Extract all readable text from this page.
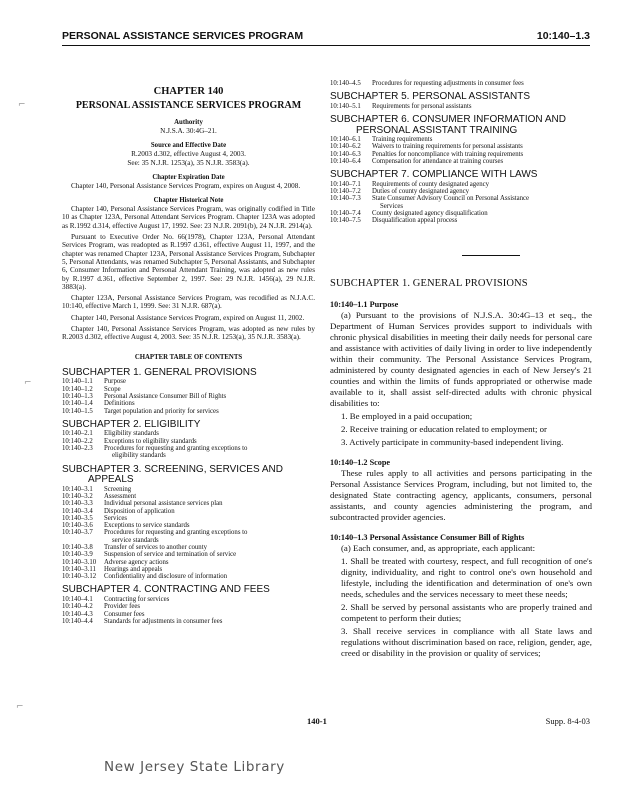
PERSONAL ASSISTANCE SERVICES PROGRAM	10:140–1.3
⌐
⌐
⌐
CHAPTER 140
PERSONAL ASSISTANCE SERVICES PROGRAM
Authority
N.J.S.A. 30:4G–21.
Source and Effective Date
R.2003 d.302, effective August 4, 2003.
See: 35 N.J.R. 1253(a), 35 N.J.R. 3583(a).
Chapter Expiration Date

Chapter 140, Personal Assistance Services Program, expires on August 4, 2008.

Chapter Historical Note

Chapter 140, Personal Assistance Services Program, was originally codified in Title 10 as Chapter 123A, Personal Attendant Services Program. Chapter 123A was adopted as R.1992 d.314, effective August 17, 1992. See: 23 N.J.R. 2091(b), 24 N.J.R. 2914(a).

Pursuant to Executive Order No. 66(1978), Chapter 123A, Personal Attendant Services Program, was readopted as R.1997 d.361, effective August 11, 1997, and the chapter was renamed Chapter 123A, Personal Assistance Services Program, Subchapter 5, Personal Attendants, was renamed Subchapter 5, Personal Assistants, and Subchapter 6, Consumer Information and Personal Attendant Training, was adopted as new rules by R.1997 d.361, effective September 2, 1997. See: 29 N.J.R. 1456(a), 29 N.J.R. 3883(a).

Chapter 123A, Personal Assistance Services Program, was recodified as N.J.A.C. 10:140, effective March 1, 1999. See: 31 N.J.R. 687(a).

Chapter 140, Personal Assistance Services Program, expired on August 11, 2002.

Chapter 140, Personal Assistance Services Program, was adopted as new rules by R.2003 d.302, effective August 4, 2003. See: 35 N.J.R. 1253(a), 35 N.J.R. 3583(a).

CHAPTER TABLE OF CONTENTS
SUBCHAPTER 1. GENERAL PROVISIONS
10:140–1.1	Purpose
10:140–1.2	Scope
10:140–1.3	Personal Assistance Consumer Bill of Rights
10:140–1.4	Definitions
10:140–1.5	Target population and priority for services
SUBCHAPTER 2. ELIGIBILITY
10:140–2.1	Eligibility standards
10:140–2.2	Exceptions to eligibility standards
10:140–2.3	Procedures for requesting and granting exceptions to
eligibility standards
SUBCHAPTER 3. SCREENING, SERVICES AND
APPEALS
10:140–3.1	Screening
10:140–3.2	Assessment
10:140–3.3	Individual personal assistance services plan
10:140–3.4	Disposition of application
10:140–3.5	Services
10:140–3.6	Exceptions to service standards
10:140–3.7	Procedures for requesting and granting exceptions to
service standards
10:140–3.8	Transfer of services to another county
10:140–3.9	Suspension of service and termination of service
10:140–3.10	Adverse agency actions
10:140–3.11	Hearings and appeals
10:140–3.12	Confidentiality and disclosure of information
SUBCHAPTER 4. CONTRACTING AND FEES
10:140–4.1	Contracting for services
10:140–4.2	Provider fees
10:140–4.3	Consumer fees
10:140–4.4	Standards for adjustments in consumer fees
10:140–4.5	Procedures for requesting adjustments in consumer fees
SUBCHAPTER 5. PERSONAL ASSISTANTS
10:140–5.1	Requirements for personal assistants
SUBCHAPTER 6. CONSUMER INFORMATION AND
PERSONAL ASSISTANT TRAINING
10:140–6.1	Training requirements
10:140–6.2	Waivers to training requirements for personal assistants
10:140–6.3	Penalties for noncompliance with training requirements
10:140–6.4	Compensation for attendance at training courses
SUBCHAPTER 7. COMPLIANCE WITH LAWS
10:140–7.1	Requirements of county designated agency
10:140–7.2	Duties of county designated agency
10:140–7.3	State Consumer Advisory Council on Personal Assistance
Services
10:140–7.4	County designated agency disqualification
10:140–7.5	Disqualification appeal process
SUBCHAPTER 1. GENERAL PROVISIONS
10:140–1.1 Purpose

(a) Pursuant to the provisions of N.J.S.A. 30:4G–13 et seq., the Department of Human Services provides support to individuals with chronic physical disabilities in meeting their daily needs for personal care and assistance with activities of daily living in order to live independently within their community. The Personal Assistance Services Program, administered by county designated agencies in each of New Jersey's 21 counties and within the limits of funds appropriated or otherwise made available to it, shall assist self-directed adults with chronic physical disabilities to:

1. Be employed in a paid occupation;

2. Receive training or education related to employment; or

3. Actively participate in community-based independent living.

10:140–1.2 Scope

These rules apply to all activities and persons participating in the Personal Assistance Services Program, including, but not limited to, the designated State contracting agency, applicants, consumers, personal assistants, and county agencies administering the program, and subcontracted provider agencies.

10:140–1.3 Personal Assistance Consumer Bill of Rights

(a) Each consumer, and, as appropriate, each applicant:

1. Shall be treated with courtesy, respect, and full recognition of one's dignity, individuality, and right to control one's own household and lifestyle, including the identification and determination of one's own needs, schedules and the services necessary to meet these needs;

2. Shall be served by personal assistants who are properly trained and competent to perform their duties;

3. Shall receive services in compliance with all State laws and regulations without discrimination based on race, religion, gender, age, creed or disability in the provision or quality of services;

140-1	Supp. 8-4-03
New Jersey State Library
